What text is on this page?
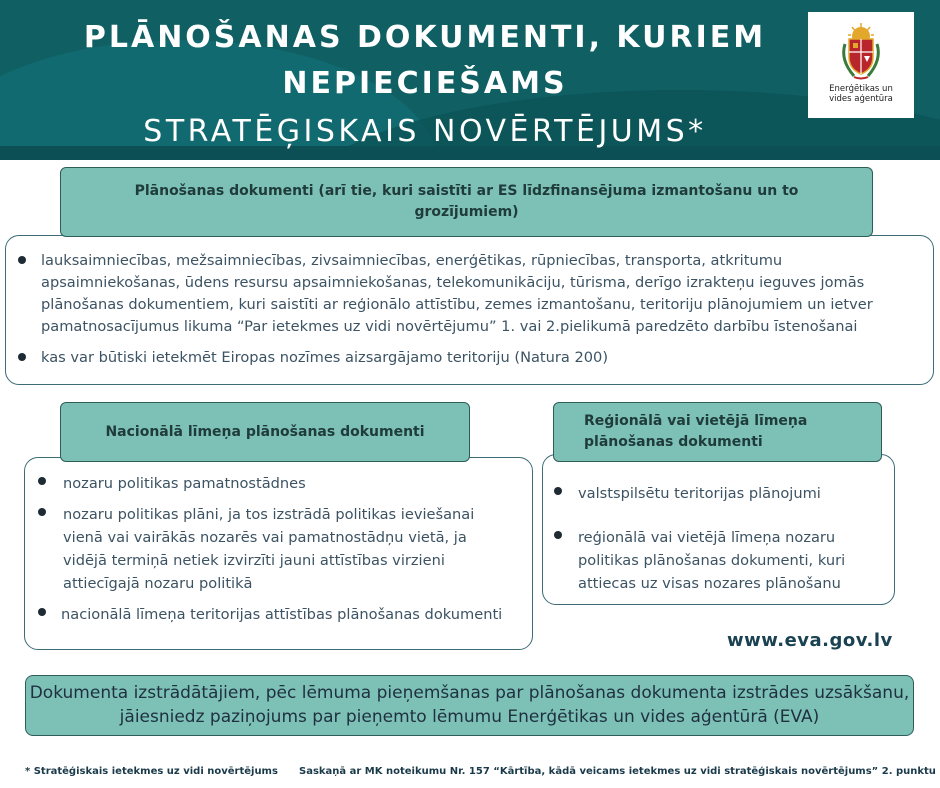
PLĀNOŠANAS DOKUMENTI, KURIEM
NEPIECIEŠAMS
STRATĒĢISKAIS NOVĒRTĒJUMS*
Enerģētikas un
vides aģentūra
Plānošanas dokumenti (arī tie, kuri saistīti ar ES līdzfinansējuma izmantošanu un to grozījumiem)
lauksaimniecības, mežsaimniecības, zivsaimniecības, enerģētikas, rūpniecības, transporta, atkritumu apsaimniekošanas, ūdens resursu apsaimniekošanas, telekomunikāciju, tūrisma, derīgo izrakteņu ieguves jomās plānošanas dokumentiem, kuri saistīti ar reģionālo attīstību, zemes izmantošanu, teritoriju plānojumiem un ietver pamatnosacījumus likuma “Par ietekmes uz vidi novērtējumu” 1. vai 2.pielikumā paredzēto darbību īstenošanai
kas var būtiski ietekmēt Eiropas nozīmes aizsargājamo teritoriju (Natura 200)
Nacionālā līmeņa plānošanas dokumenti
nozaru politikas pamatnostādnes
nozaru politikas plāni, ja tos izstrādā politikas ieviešanai vienā vai vairākās nozarēs vai pamatnostādņu vietā, ja vidējā termiņā netiek izvirzīti jauni attīstības virzieni attiecīgajā nozaru politikā
nacionālā līmeņa teritorijas attīstības plānošanas dokumenti
Reģionālā vai vietējā līmeņa plānošanas dokumenti
valstspilsētu teritorijas plānojumi
reģionālā vai vietējā līmeņa nozaru politikas plānošanas dokumenti, kuri attiecas uz visas nozares plānošanu
www.eva.gov.lv
Dokumenta izstrādātājiem, pēc lēmuma pieņemšanas par plānošanas dokumenta izstrādes uzsākšanu, jāiesniedz paziņojums par pieņemto lēmumu Enerģētikas un vides aģentūrā (EVA)
* Stratēģiskais ietekmes uz vidi novērtējums Saskaņā ar MK noteikumu Nr. 157 “Kārtība, kādā veicams ietekmes uz vidi stratēģiskais novērtējums” 2. punktu
